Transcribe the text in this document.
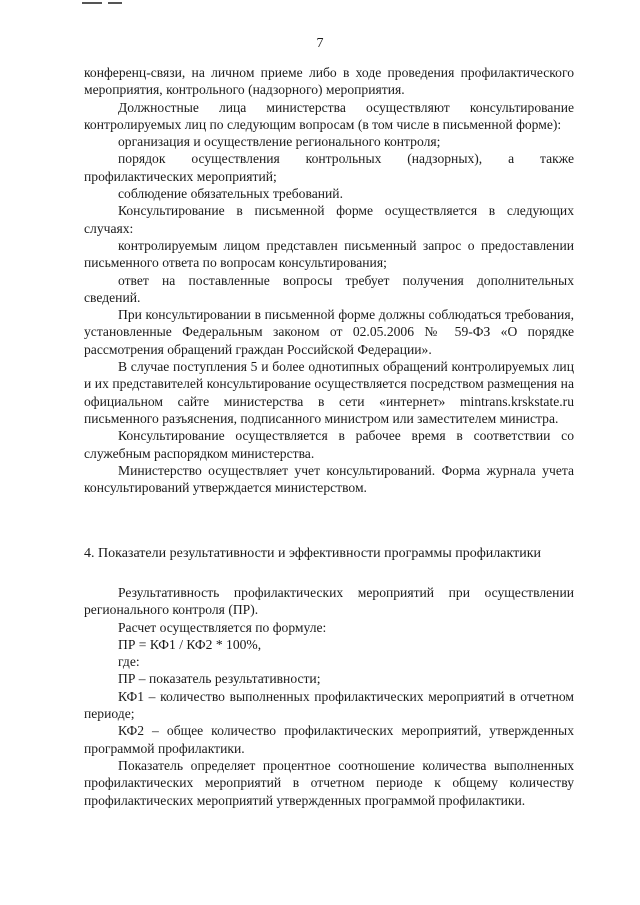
7

конференц-связи, на личном приеме либо в ходе проведения профилактического мероприятия, контрольного (надзорного) мероприятия.

Должностные лица министерства осуществляют консультирование контролируемых лиц по следующим вопросам (в том числе в письменной форме):

организация и осуществление регионального контроля;

порядок осуществления контрольных (надзорных), а также профилактических мероприятий;

соблюдение обязательных требований.

Консультирование в письменной форме осуществляется в следующих случаях:

контролируемым лицом представлен письменный запрос о предоставлении письменного ответа по вопросам консультирования;

ответ на поставленные вопросы требует получения дополнительных сведений.

При консультировании в письменной форме должны соблюдаться требования, установленные Федеральным законом от 02.05.2006 № 59-ФЗ «О порядке рассмотрения обращений граждан Российской Федерации».

В случае поступления 5 и более однотипных обращений контролируемых лиц и их представителей консультирование осуществляется посредством размещения на официальном сайте министерства в сети «интернет» mintrans.krskstate.ru письменного разъяснения, подписанного министром или заместителем министра.

Консультирование осуществляется в рабочее время в соответствии со служебным распорядком министерства.

Министерство осуществляет учет консультирований. Форма журнала учета консультирований утверждается министерством.

4. Показатели результативности и эффективности программы профилактики

Результативность профилактических мероприятий при осуществлении регионального контроля (ПР).

Расчет осуществляется по формуле:

ПР = КФ1 / КФ2 * 100%,

где:

ПР – показатель результативности;

КФ1 – количество выполненных профилактических мероприятий в отчетном периоде;

КФ2 – общее количество профилактических мероприятий, утвержденных программой профилактики.

Показатель определяет процентное соотношение количества выполненных профилактических мероприятий в отчетном периоде к общему количеству профилактических мероприятий утвержденных программой профилактики.
